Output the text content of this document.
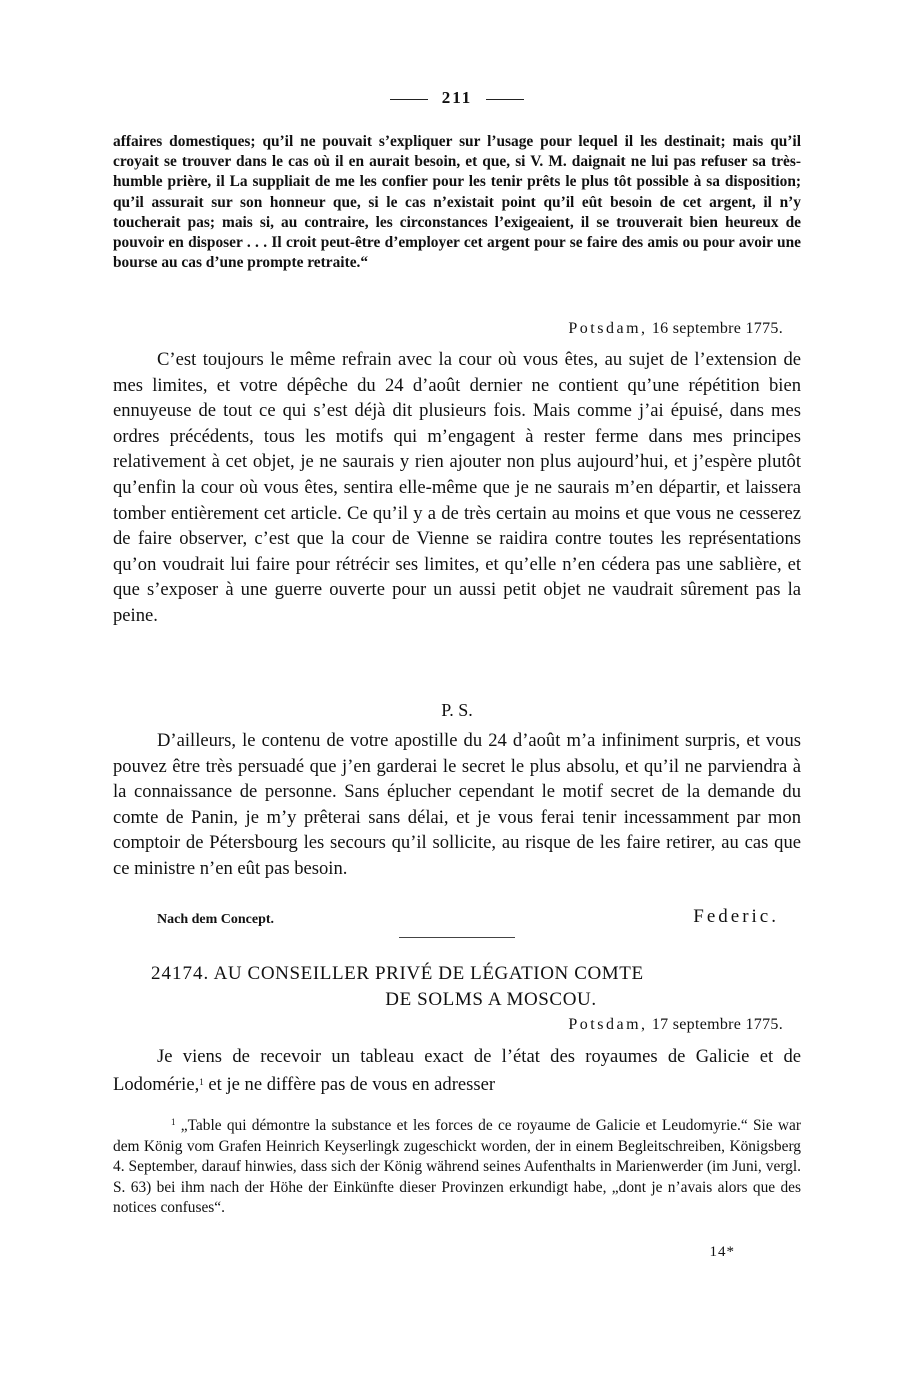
211

affaires domestiques; qu’il ne pouvait s’expliquer sur l’usage pour lequel il les destinait; mais qu’il croyait se trouver dans le cas où il en aurait besoin, et que, si V. M. daignait ne lui pas refuser sa très-humble prière, il La suppliait de me les confier pour les tenir prêts le plus tôt possible à sa disposition; qu’il assurait sur son honneur que, si le cas n’existait point qu’il eût besoin de cet argent, il n’y toucherait pas; mais si, au contraire, les circonstances l’exigeaient, il se trouverait bien heureux de pouvoir en disposer . . . Il croit peut-être d’employer cet argent pour se faire des amis ou pour avoir une bourse au cas d’une prompte retraite.“

Potsdam, 16 septembre 1775.

C’est toujours le même refrain avec la cour où vous êtes, au sujet de l’extension de mes limites, et votre dépêche du 24 d’août dernier ne contient qu’une répétition bien ennuyeuse de tout ce qui s’est déjà dit plusieurs fois. Mais comme j’ai épuisé, dans mes ordres précédents, tous les motifs qui m’engagent à rester ferme dans mes principes relativement à cet objet, je ne saurais y rien ajouter non plus aujourd’hui, et j’espère plutôt qu’enfin la cour où vous êtes, sentira elle-même que je ne saurais m’en départir, et laissera tomber entièrement cet article. Ce qu’il y a de très certain au moins et que vous ne cesserez de faire observer, c’est que la cour de Vienne se raidira contre toutes les représentations qu’on voudrait lui faire pour rétrécir ses limites, et qu’elle n’en cédera pas une sablière, et que s’exposer à une guerre ouverte pour un aussi petit objet ne vaudrait sûrement pas la peine.

P. S.

D’ailleurs, le contenu de votre apostille du 24 d’août m’a infiniment surpris, et vous pouvez être très persuadé que j’en garderai le secret le plus absolu, et qu’il ne parviendra à la connaissance de personne. Sans éplucher cependant le motif secret de la demande du comte de Panin, je m’y prêterai sans délai, et je vous ferai tenir incessamment par mon comptoir de Pétersbourg les secours qu’il sollicite, au risque de les faire retirer, au cas que ce ministre n’en eût pas besoin.

Nach dem Concept.	Federic.
24174. AU CONSEILLER PRIVÉ DE LÉGATION COMTE
DE SOLMS A MOSCOU.
Potsdam, 17 septembre 1775.

Je viens de recevoir un tableau exact de l’état des royaumes de Galicie et de Lodomérie,$^1$ et je ne diffère pas de vous en adresser

$^1$ „Table qui démontre la substance et les forces de ce royaume de Galicie et Leudomyrie.“ Sie war dem König vom Grafen Heinrich Keyserlingk zugeschickt worden, der in einem Begleitschreiben, Königsberg 4. September, darauf hinwies, dass sich der König während seines Aufenthalts in Marienwerder (im Juni, vergl. S. 63) bei ihm nach der Höhe der Einkünfte dieser Provinzen erkundigt habe, „dont je n’avais alors que des notices confuses“.

14*
